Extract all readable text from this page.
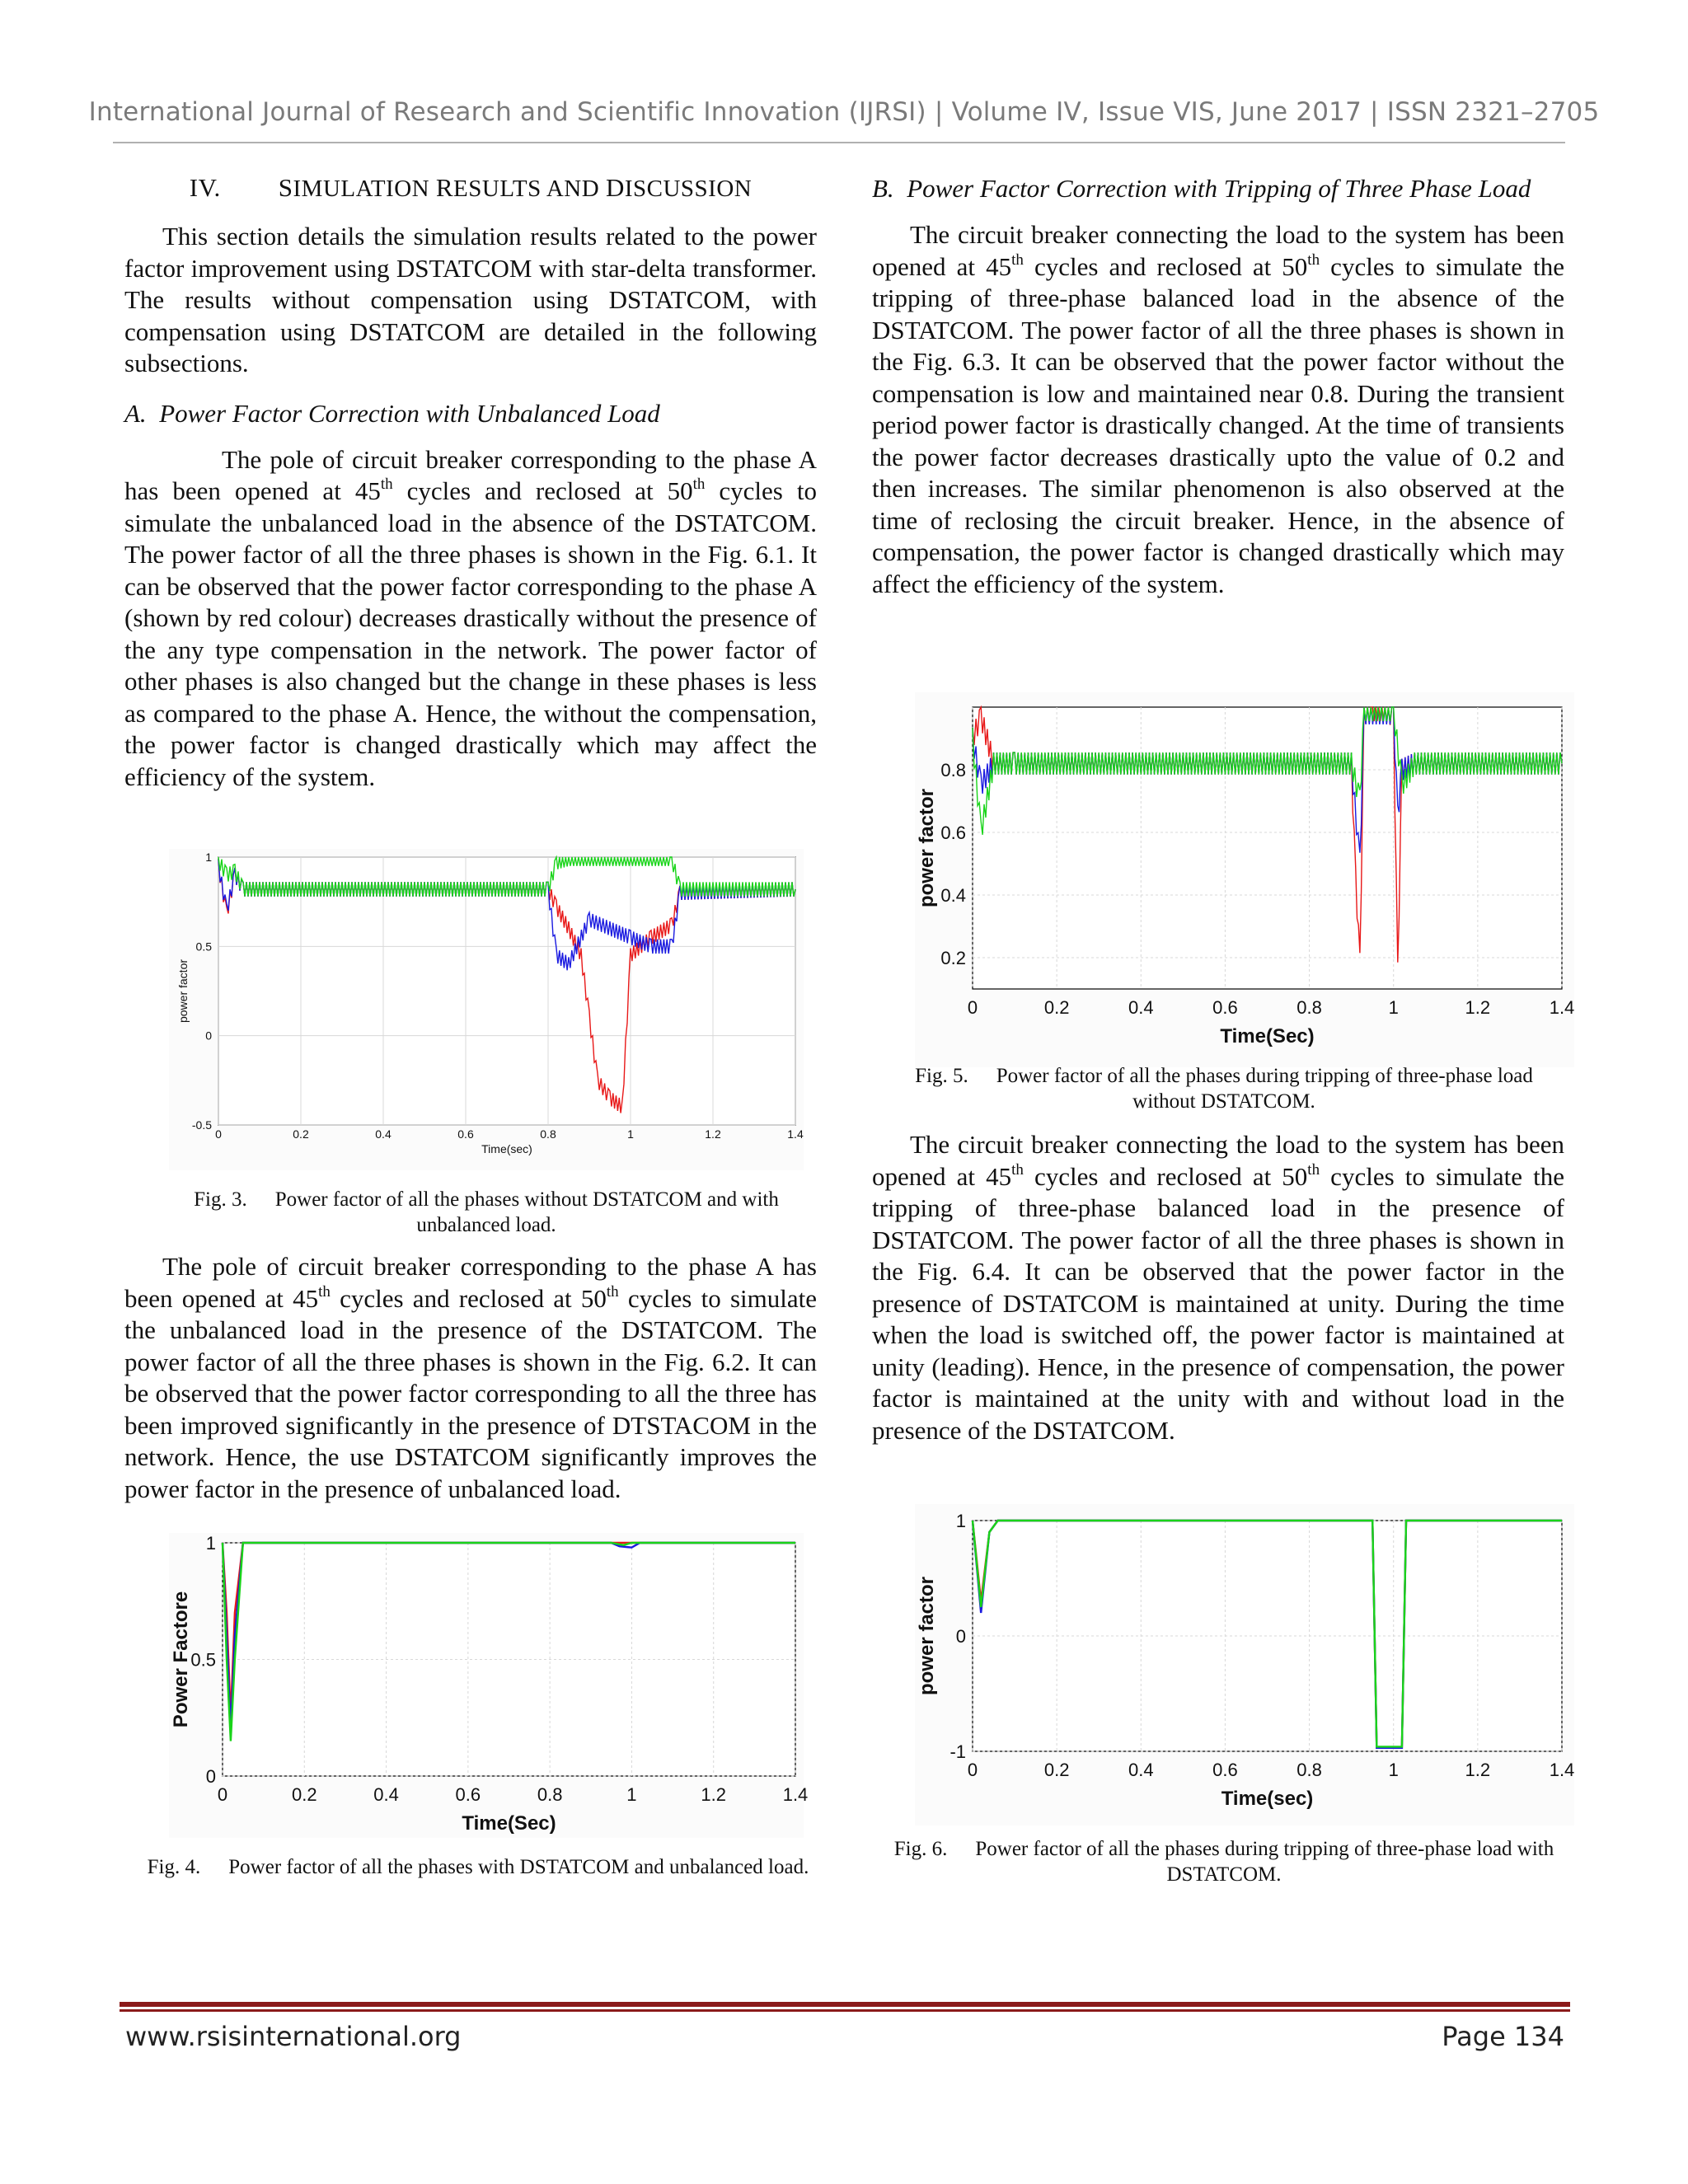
International Journal of Research and Scientific Innovation (IJRSI) | Volume IV, Issue VIS, June 2017 | ISSN 2321–2705
IV. SIMULATION RESULTS AND DISCUSSION

This section details the simulation results related to the power factor improvement using DSTATCOM with star-delta transformer. The results without compensation using DSTATCOM, with compensation using DSTATCOM are detailed in the following subsections.

A. Power Factor Correction with Unbalanced Load

The pole of circuit breaker corresponding to the phase A has been opened at 45th cycles and reclosed at 50th cycles to simulate the unbalanced load in the absence of the DSTATCOM. The power factor of all the three phases is shown in the Fig. 6.1. It can be observed that the power factor corresponding to the phase A (shown by red colour) decreases drastically without the presence of the any type compensation in the network. The power factor of other phases is also changed but the change in these phases is less as compared to the phase A. Hence, the without the compensation, the power factor is changed drastically which may affect the efficiency of the system.

The pole of circuit breaker corresponding to the phase A has been opened at 45th cycles and reclosed at 50th cycles to simulate the unbalanced load in the presence of the DSTATCOM. The power factor of all the three phases is shown in the Fig. 6.2. It can be observed that the power factor corresponding to all the three has been improved significantly in the presence of DTSTACOM in the network. Hence, the use DSTATCOM significantly improves the power factor in the presence of unbalanced load.

B. Power Factor Correction with Tripping of Three Phase Load

The circuit breaker connecting the load to the system has been opened at 45th cycles and reclosed at 50th cycles to simulate the tripping of three-phase balanced load in the absence of the DSTATCOM. The power factor of all the three phases is shown in the Fig. 6.3. It can be observed that the power factor without the compensation is low and maintained near 0.8. During the transient period power factor is drastically changed. At the time of transients the power factor decreases drastically upto the value of 0.2 and then increases. The similar phenomenon is also observed at the time of reclosing the circuit breaker. Hence, in the absence of compensation, the power factor is changed drastically which may affect the efficiency of the system.

The circuit breaker connecting the load to the system has been opened at 45th cycles and reclosed at 50th cycles to simulate the tripping of three-phase balanced load in the presence of DSTATCOM. The power factor of all the three phases is shown in the Fig. 6.4. It can be observed that the power factor in the presence of DSTATCOM is maintained at unity. During the time when the load is switched off, the power factor is maintained at unity (leading). Hence, in the presence of compensation, the power factor is maintained at the unity with and without load in the presence of the DSTATCOM.

0	0.2	0.4	0.6	0.8	1	1.2	1.4
-0.5
0
0.5
1
Time(sec)
power factor
Fig. 3. Power factor of all the phases without DSTATCOM and with unbalanced load.
0	0.2	0.4	0.6	0.8	1	1.2	1.4
0
0.5
1
Time(Sec)
Power Factore
Fig. 4. Power factor of all the phases with DSTATCOM and unbalanced load.
0	0.2	0.4	0.6	0.8	1	1.2	1.4
0.2
0.4
0.6
0.8
Time(Sec)
power factor
Fig. 5. Power factor of all the phases during tripping of three-phase load without DSTATCOM.
0	0.2	0.4	0.6	0.8	1	1.2	1.4
-1
0
1
Time(sec)
power factor
Fig. 6. Power factor of all the phases during tripping of three-phase load with DSTATCOM.
www.rsisinternational.org	Page 134
